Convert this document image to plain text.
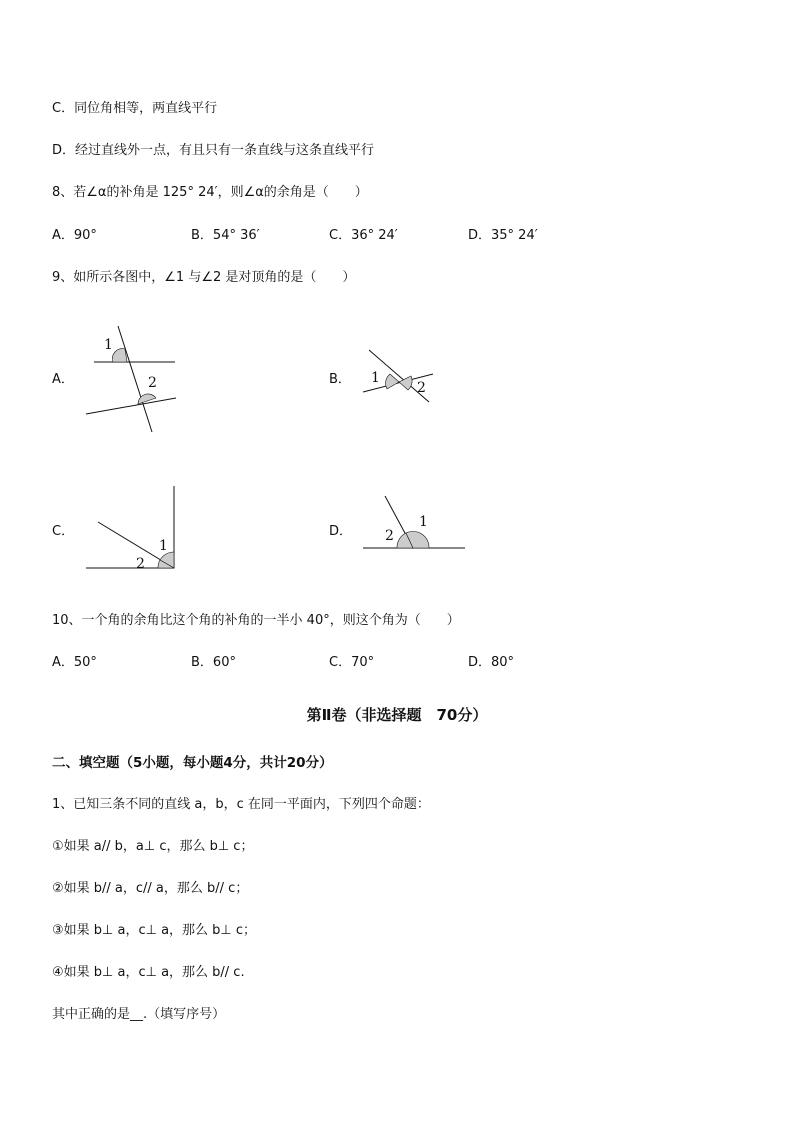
C．同位角相等，两直线平行
D．经过直线外一点，有且只有一条直线与这条直线平行
8、若∠α的补角是 125° 24′，则∠α的余角是（　　）
A．90°	B．54° 36′	C．36° 24′	D．35° 24′
9、如所示各图中，∠1 与∠2 是对顶角的是（　　）
A．
1
2	B． 1
2
C．
1
2
D．
1
2
10、一个角的余角比这个角的补角的一半小 40°，则这个角为（　　）
A．50°	B．60°	C．70°	D．80°
第Ⅱ卷（非选择题　70分）
二、填空题（5小题，每小题4分，共计20分）
1、已知三条不同的直线 a，b，c 在同一平面内，下列四个命题：
①如果 a// b，a⊥ c，那么 b⊥ c；
②如果 b// a，c// a，那么 b// c；
③如果 b⊥ a，c⊥ a，那么 b⊥ c；
④如果 b⊥ a，c⊥ a，那么 b// c.
其中正确的是__.（填写序号）
